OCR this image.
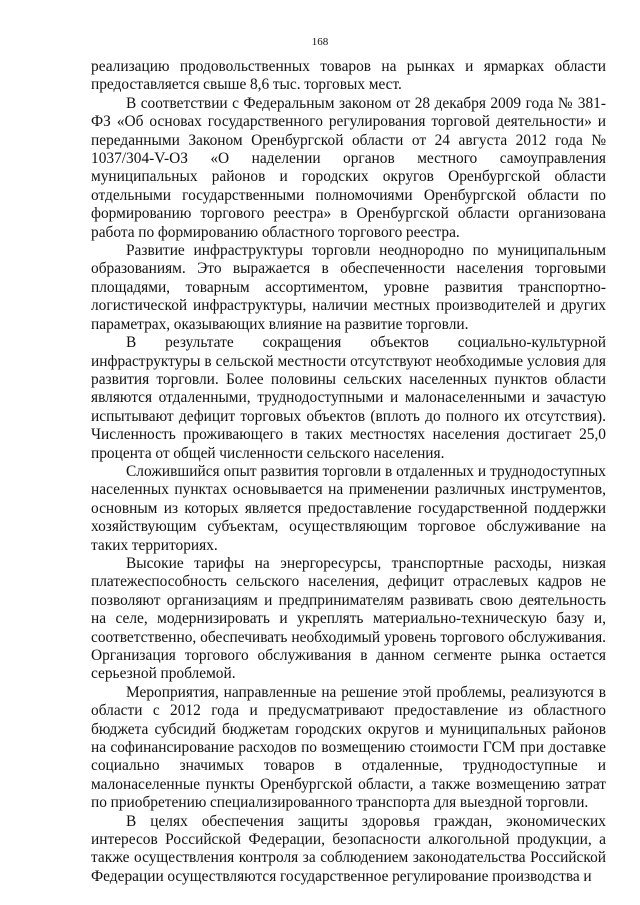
168

реализацию продовольственных товаров на рынках и ярмарках области предоставляется свыше 8,6 тыс. торговых мест.

В соответствии с Федеральным законом от 28 декабря 2009 года № 381-ФЗ «Об основах государственного регулирования торговой деятельности» и переданными Законом Оренбургской области от 24 августа 2012 года № 1037/304-V-ОЗ «О наделении органов местного самоуправления муниципальных районов и городских округов Оренбургской области отдельными государственными полномочиями Оренбургской области по формированию торгового реестра» в Оренбургской области организована работа по формированию областного торгового реестра.

Развитие инфраструктуры торговли неоднородно по муниципальным образованиям. Это выражается в обеспеченности населения торговыми площадями, товарным ассортиментом, уровне развития транспортно-логистической инфраструктуры, наличии местных производителей и других параметрах, оказывающих влияние на развитие торговли.

В результате сокращения объектов социально-культурной инфраструктуры в сельской местности отсутствуют необходимые условия для развития торговли. Более половины сельских населенных пунктов области являются отдаленными, труднодоступными и малонаселенными и зачастую испытывают дефицит торговых объектов (вплоть до полного их отсутствия). Численность проживающего в таких местностях населения достигает 25,0 процента от общей численности сельского населения.

Сложившийся опыт развития торговли в отдаленных и труднодоступных населенных пунктах основывается на применении различных инструментов, основным из которых является предоставление государственной поддержки хозяйствующим субъектам, осуществляющим торговое обслуживание на таких территориях.

Высокие тарифы на энергоресурсы, транспортные расходы, низкая платежеспособность сельского населения, дефицит отраслевых кадров не позволяют организациям и предпринимателям развивать свою деятельность на селе, модернизировать и укреплять материально-техническую базу и, соответственно, обеспечивать необходимый уровень торгового обслуживания. Организация торгового обслуживания в данном сегменте рынка остается серьезной проблемой.

Мероприятия, направленные на решение этой проблемы, реализуются в области с 2012 года и предусматривают предоставление из областного бюджета субсидий бюджетам городских округов и муниципальных районов на софинансирование расходов по возмещению стоимости ГСМ при доставке социально значимых товаров в отдаленные, труднодоступные и малонаселенные пункты Оренбургской области, а также возмещению затрат по приобретению специализированного транспорта для выездной торговли.

В целях обеспечения защиты здоровья граждан, экономических интересов Российской Федерации, безопасности алкогольной продукции, а также осуществления контроля за соблюдением законодательства Российской Федерации осуществляются государственное регулирование производства и
